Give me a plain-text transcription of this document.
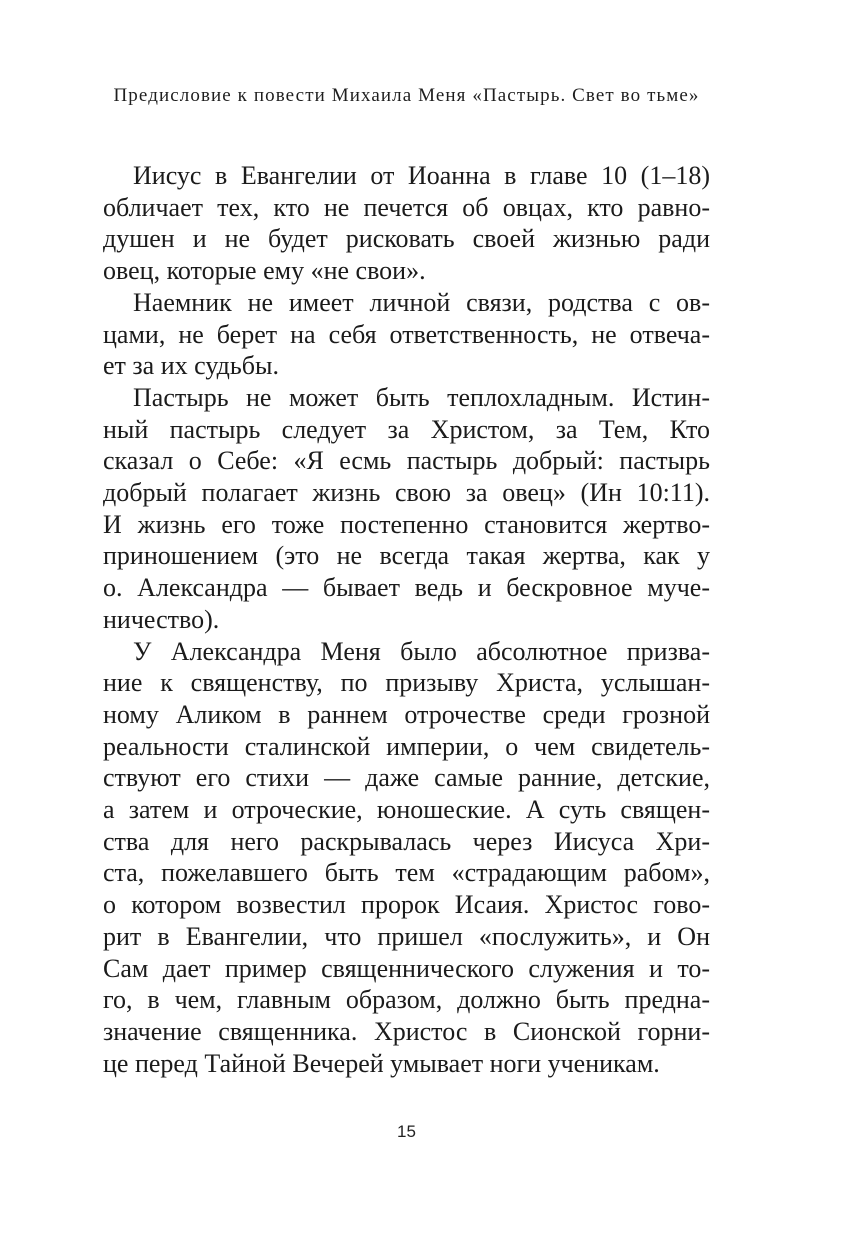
Предисловие к повести Михаила Меня «Пастырь. Свет во тьме»
Иисус в Евангелии от Иоанна в главе 10 (1–18)
обличает тех, кто не печется об овцах, кто равно-
душен и не будет рисковать своей жизнью ради
овец, которые ему «не свои».
Наемник не имеет личной связи, родства с ов-
цами, не берет на себя ответственность, не отвеча-
ет за их судьбы.
Пастырь не может быть теплохладным. Истин-
ный пастырь следует за Христом, за Тем, Кто
сказал о Себе: «Я есмь пастырь добрый: пастырь
добрый полагает жизнь свою за овец» (Ин 10:11).
И жизнь его тоже постепенно становится жертво-
приношением (это не всегда такая жертва, как у
о. Александра — бывает ведь и бескровное муче-
ничество).
У Александра Меня было абсолютное призва-
ние к священству, по призыву Христа, услышан-
ному Аликом в раннем отрочестве среди грозной
реальности сталинской империи, о чем свидетель-
ствуют его стихи — даже самые ранние, детские,
а затем и отроческие, юношеские. А суть священ-
ства для него раскрывалась через Иисуса Хри-
ста, пожелавшего быть тем «страдающим рабом»,
о котором возвестил пророк Исаия. Христос гово-
рит в Евангелии, что пришел «послужить», и Он
Сам дает пример священнического служения и то-
го, в чем, главным образом, должно быть предна-
значение священника. Христос в Сионской горни-
це перед Тайной Вечерей умывает ноги ученикам.
15
